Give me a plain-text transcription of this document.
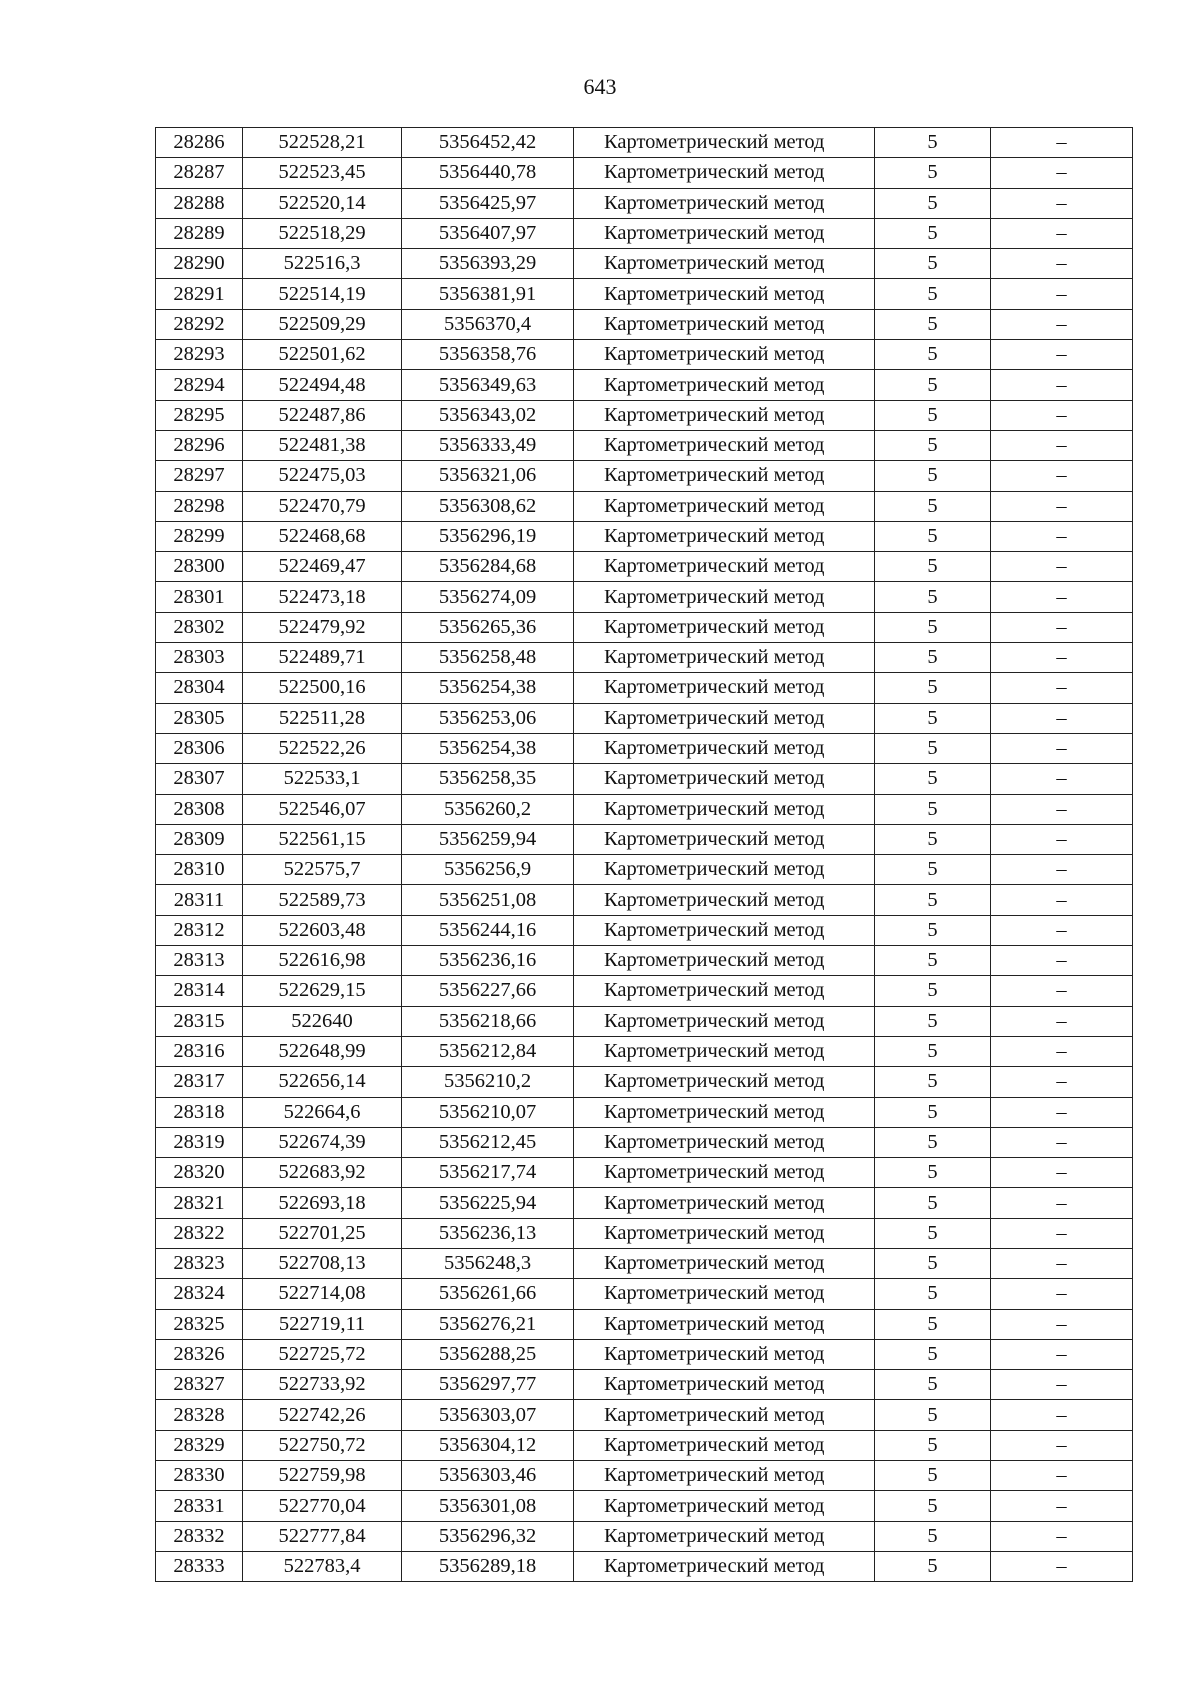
643
28286	522528,21	5356452,42	Картометрический метод	5	–
28287	522523,45	5356440,78	Картометрический метод	5	–
28288	522520,14	5356425,97	Картометрический метод	5	–
28289	522518,29	5356407,97	Картометрический метод	5	–
28290	522516,3	5356393,29	Картометрический метод	5	–
28291	522514,19	5356381,91	Картометрический метод	5	–
28292	522509,29	5356370,4	Картометрический метод	5	–
28293	522501,62	5356358,76	Картометрический метод	5	–
28294	522494,48	5356349,63	Картометрический метод	5	–
28295	522487,86	5356343,02	Картометрический метод	5	–
28296	522481,38	5356333,49	Картометрический метод	5	–
28297	522475,03	5356321,06	Картометрический метод	5	–
28298	522470,79	5356308,62	Картометрический метод	5	–
28299	522468,68	5356296,19	Картометрический метод	5	–
28300	522469,47	5356284,68	Картометрический метод	5	–
28301	522473,18	5356274,09	Картометрический метод	5	–
28302	522479,92	5356265,36	Картометрический метод	5	–
28303	522489,71	5356258,48	Картометрический метод	5	–
28304	522500,16	5356254,38	Картометрический метод	5	–
28305	522511,28	5356253,06	Картометрический метод	5	–
28306	522522,26	5356254,38	Картометрический метод	5	–
28307	522533,1	5356258,35	Картометрический метод	5	–
28308	522546,07	5356260,2	Картометрический метод	5	–
28309	522561,15	5356259,94	Картометрический метод	5	–
28310	522575,7	5356256,9	Картометрический метод	5	–
28311	522589,73	5356251,08	Картометрический метод	5	–
28312	522603,48	5356244,16	Картометрический метод	5	–
28313	522616,98	5356236,16	Картометрический метод	5	–
28314	522629,15	5356227,66	Картометрический метод	5	–
28315	522640	5356218,66	Картометрический метод	5	–
28316	522648,99	5356212,84	Картометрический метод	5	–
28317	522656,14	5356210,2	Картометрический метод	5	–
28318	522664,6	5356210,07	Картометрический метод	5	–
28319	522674,39	5356212,45	Картометрический метод	5	–
28320	522683,92	5356217,74	Картометрический метод	5	–
28321	522693,18	5356225,94	Картометрический метод	5	–
28322	522701,25	5356236,13	Картометрический метод	5	–
28323	522708,13	5356248,3	Картометрический метод	5	–
28324	522714,08	5356261,66	Картометрический метод	5	–
28325	522719,11	5356276,21	Картометрический метод	5	–
28326	522725,72	5356288,25	Картометрический метод	5	–
28327	522733,92	5356297,77	Картометрический метод	5	–
28328	522742,26	5356303,07	Картометрический метод	5	–
28329	522750,72	5356304,12	Картометрический метод	5	–
28330	522759,98	5356303,46	Картометрический метод	5	–
28331	522770,04	5356301,08	Картометрический метод	5	–
28332	522777,84	5356296,32	Картометрический метод	5	–
28333	522783,4	5356289,18	Картометрический метод	5	–
